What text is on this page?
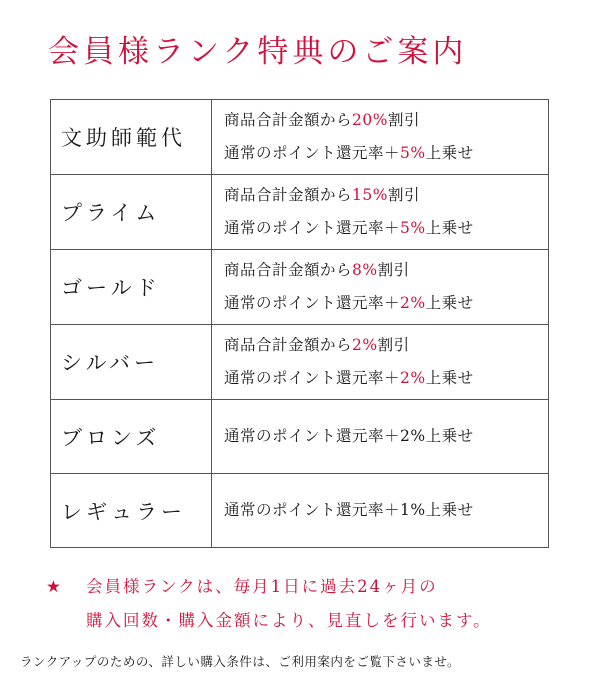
会員様ランク特典のご案内
文助師範代	商品合計金額から20%割引
通常のポイント還元率＋5%上乗せ

プライム	商品合計金額から15%割引
通常のポイント還元率＋5%上乗せ

ゴールド	商品合計金額から8%割引
通常のポイント還元率＋2%上乗せ

シルバー	商品合計金額から2%割引
通常のポイント還元率＋2%上乗せ

ブロンズ	通常のポイント還元率＋2%上乗せ

レギュラー	通常のポイント還元率＋1%上乗せ
★ 会員様ランクは、毎月1日に過去24ヶ月の
購入回数・購入金額により、見直しを行います。
ランクアップのための、詳しい購入条件は、ご利用案内をご覧下さいませ。
